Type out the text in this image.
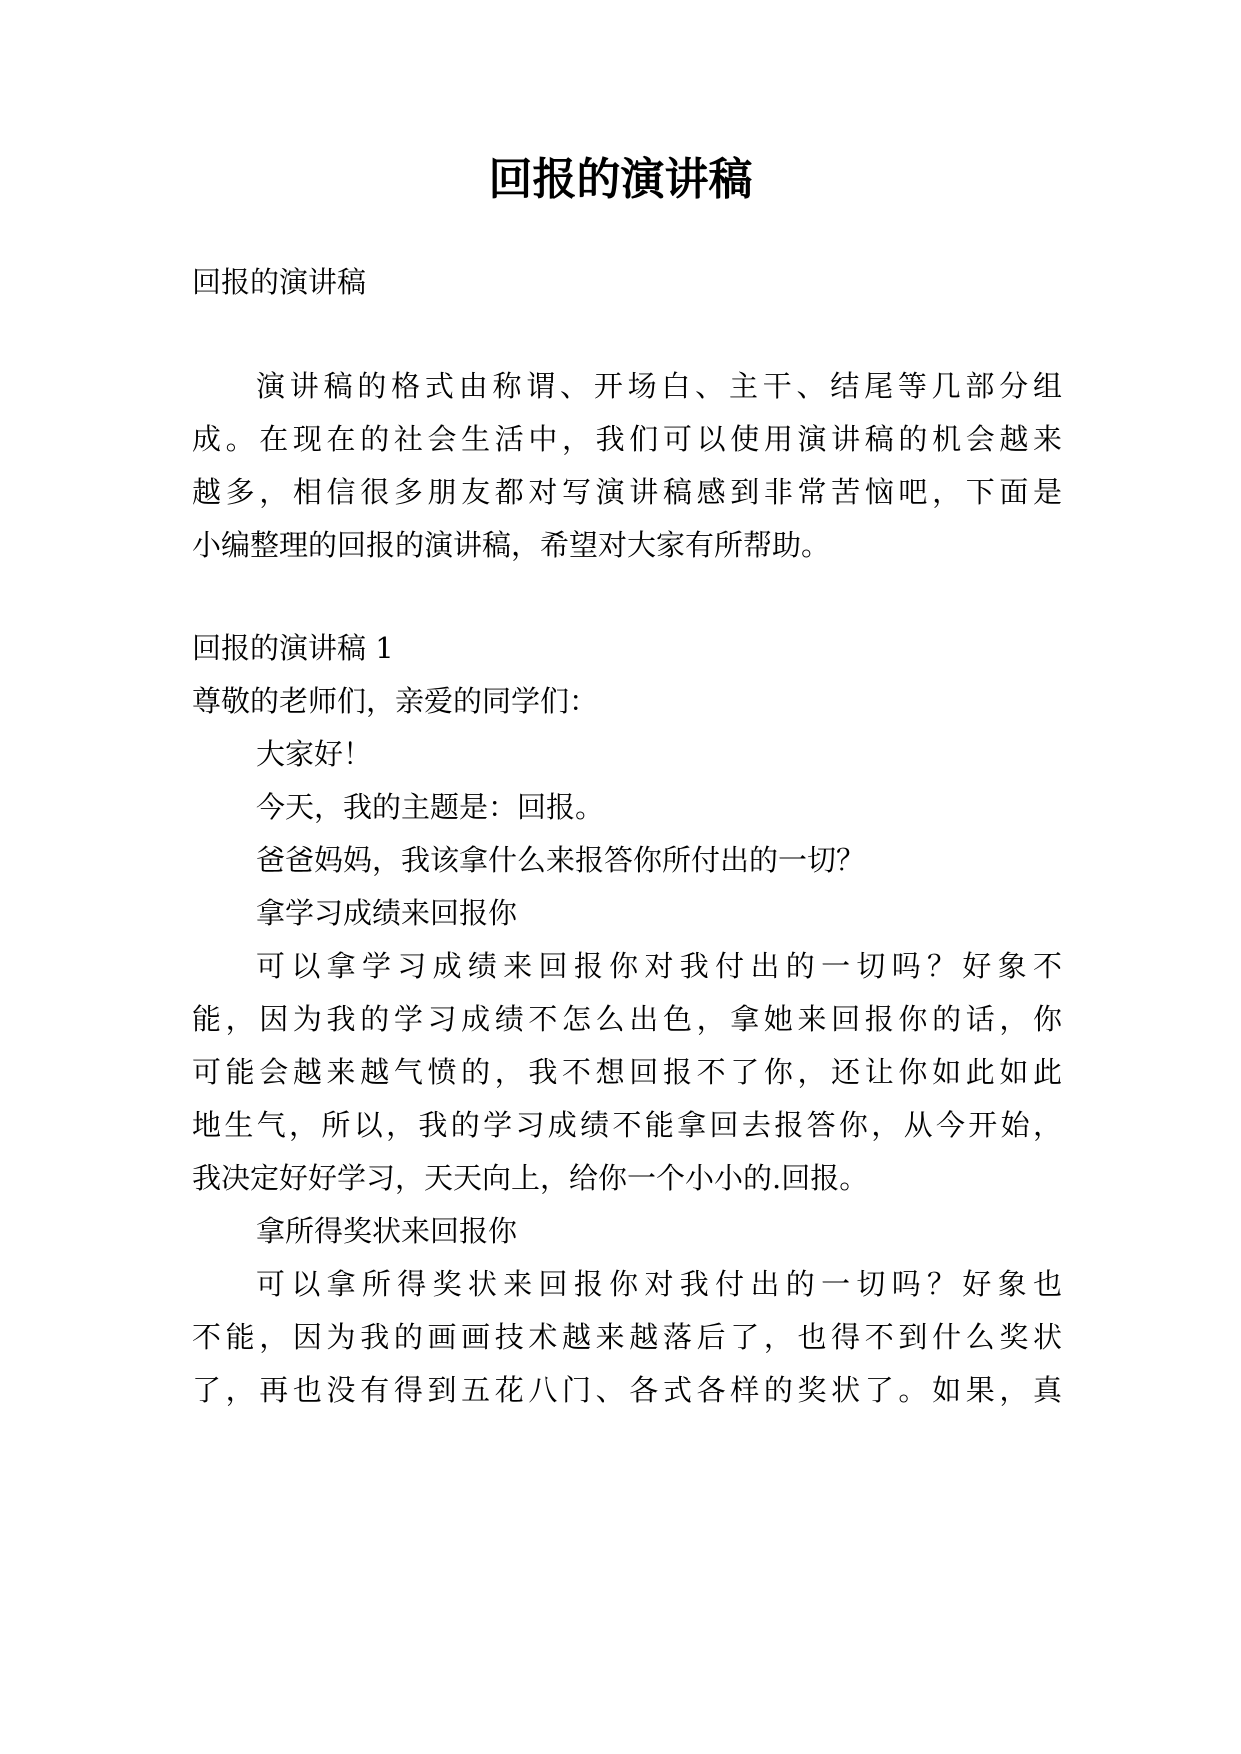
回报的演讲稿

回报的演讲稿

演讲稿的格式由称谓、开场白、主干、结尾等几部分组

成。在现在的社会生活中，我们可以使用演讲稿的机会越来

越多，相信很多朋友都对写演讲稿感到非常苦恼吧，下面是

小编整理的回报的演讲稿，希望对大家有所帮助。

回报的演讲稿 1

尊敬的老师们，亲爱的同学们：

大家好！

今天，我的主题是：回报。

爸爸妈妈，我该拿什么来报答你所付出的一切？

拿学习成绩来回报你

可以拿学习成绩来回报你对我付出的一切吗？好象不

能，因为我的学习成绩不怎么出色，拿她来回报你的话，你

可能会越来越气愤的，我不想回报不了你，还让你如此如此

地生气，所以，我的学习成绩不能拿回去报答你，从今开始，

我决定好好学习，天天向上，给你一个小小的.回报。

拿所得奖状来回报你

可以拿所得奖状来回报你对我付出的一切吗？好象也

不能，因为我的画画技术越来越落后了，也得不到什么奖状

了，再也没有得到五花八门、各式各样的奖状了。如果，真
